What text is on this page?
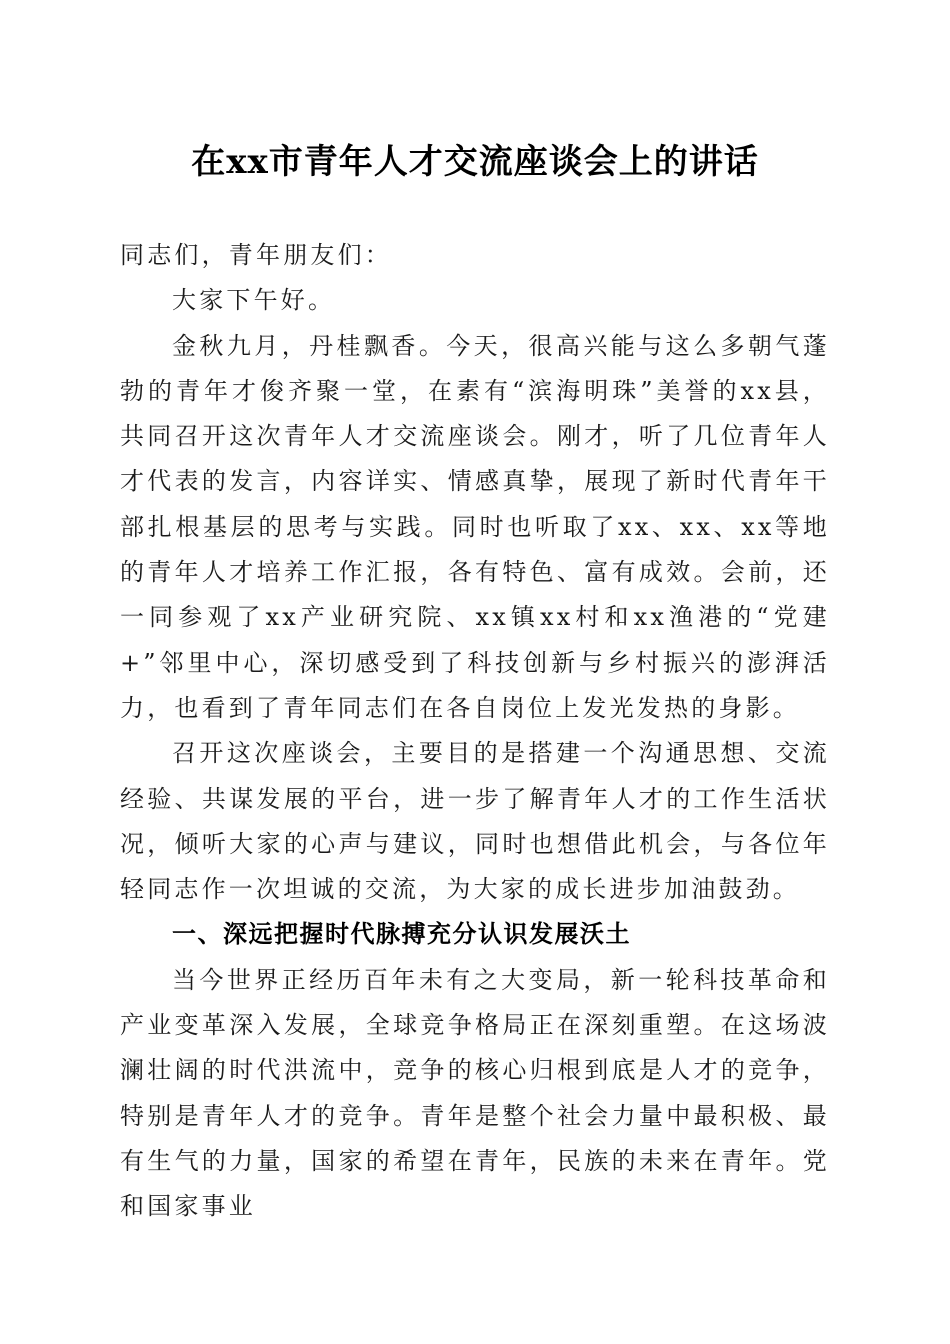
在xx市青年人才交流座谈会上的讲话

同志们，青年朋友们：

大家下午好。

金秋九月，丹桂飘香。今天，很高兴能与这么多朝气蓬勃的青年才俊齐聚一堂，在素有“滨海明珠”美誉的xx县，共同召开这次青年人才交流座谈会。刚才，听了几位青年人才代表的发言，内容详实、情感真挚，展现了新时代青年干部扎根基层的思考与实践。同时也听取了xx、xx、xx等地的青年人才培养工作汇报，各有特色、富有成效。会前，还一同参观了xx产业研究院、xx镇xx村和xx渔港的“党建+”邻里中心，深切感受到了科技创新与乡村振兴的澎湃活力，也看到了青年同志们在各自岗位上发光发热的身影。

召开这次座谈会，主要目的是搭建一个沟通思想、交流经验、共谋发展的平台，进一步了解青年人才的工作生活状况，倾听大家的心声与建议，同时也想借此机会，与各位年轻同志作一次坦诚的交流，为大家的成长进步加油鼓劲。

一、深远把握时代脉搏充分认识发展沃土

当今世界正经历百年未有之大变局，新一轮科技革命和产业变革深入发展，全球竞争格局正在深刻重塑。在这场波澜壮阔的时代洪流中，竞争的核心归根到底是人才的竞争，特别是青年人才的竞争。青年是整个社会力量中最积极、最有生气的力量，国家的希望在青年，民族的未来在青年。党和国家事业
